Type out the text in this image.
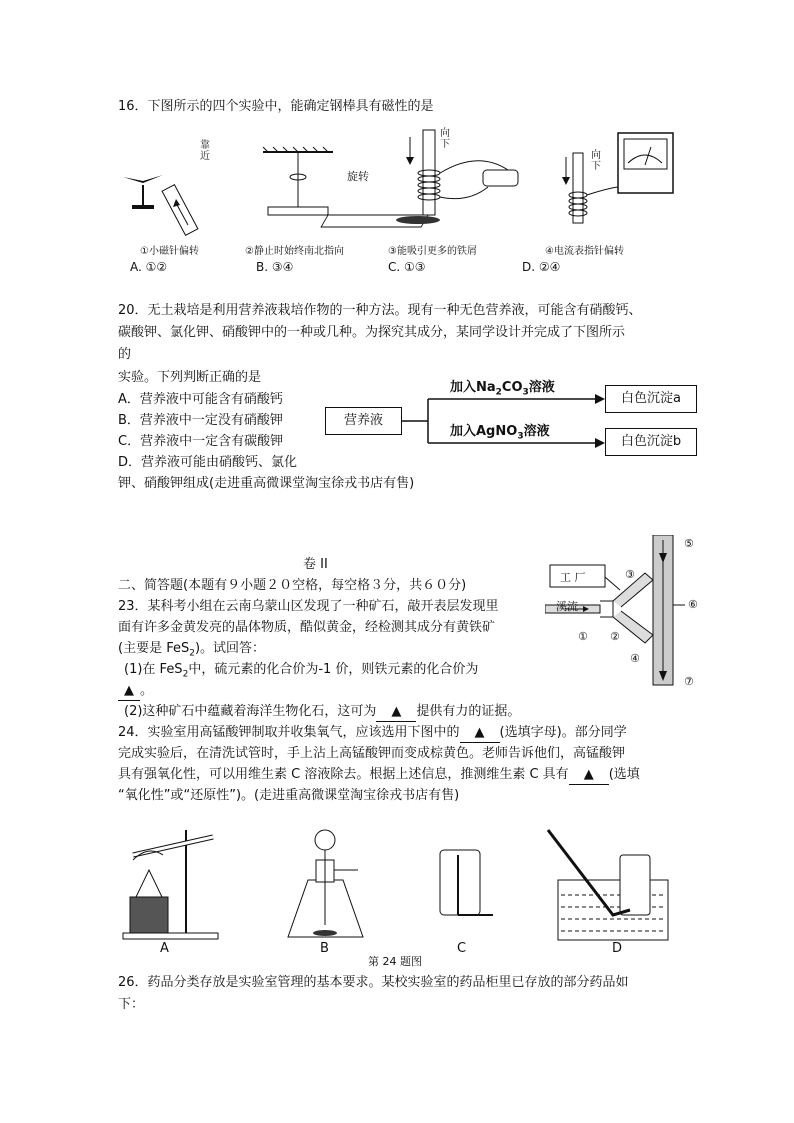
16．下图所示的四个实验中，能确定钢棒具有磁性的是
靠近
旋转
向下
向下
①小磁针偏转	②静止时始终南北指向	③能吸引更多的铁屑	④电流表指针偏转
A. ①②	B. ③④	C. ①③	D. ②④
20．无土栽培是利用营养液栽培作物的一种方法。现有一种无色营养液，可能含有硝酸钙、
碳酸钾、氯化钾、硝酸钾中的一种或几种。为探究其成分，某同学设计并完成了下图所示
的
实验。下列判断正确的是
A．营养液中可能含有硝酸钙
B．营养液中一定没有硝酸钾
C．营养液中一定含有碳酸钾
D．营养液可能由硝酸钙、氯化
钾、硝酸钾组成(走进重高微课堂淘宝徐戎书店有售)
营养液
白色沉淀a
白色沉淀b
加入$Na_2CO_3$溶液
加入AgNO$_3$溶液
卷 II
二、简答题(本题有９小题２０空格，每空格３分，共６０分)
23．某科考小组在云南乌蒙山区发现了一种矿石，敲开表层发现里
面有许多金黄发亮的晶体物质，酷似黄金，经检测其成分有黄铁矿
(主要是 FeS$_2$)。试回答：
(1)在 FeS$_2$中，硫元素的化合价为-1 价，则铁元素的化合价为
▲ 。
(2)这种矿石中蕴藏着海洋生物化石，这可为 ▲ 提供有力的证据。
工 厂
溪流
① ②
③
④
⑤
⑥
⑦
24．实验室用高锰酸钾制取并收集氧气，应该选用下图中的 ▲ (选填字母)。部分同学
完成实验后，在清洗试管时，手上沾上高锰酸钾而变成棕黄色。老师告诉他们，高锰酸钾
具有强氧化性，可以用维生素 C 溶液除去。根据上述信息，推测维生素 C 具有 ▲ (选填
“氧化性”或“还原性”)。(走进重高微课堂淘宝徐戎书店有售)
A	B	C	D
第 24 题图
26．药品分类存放是实验室管理的基本要求。某校实验室的药品柜里已存放的部分药品如
下：
